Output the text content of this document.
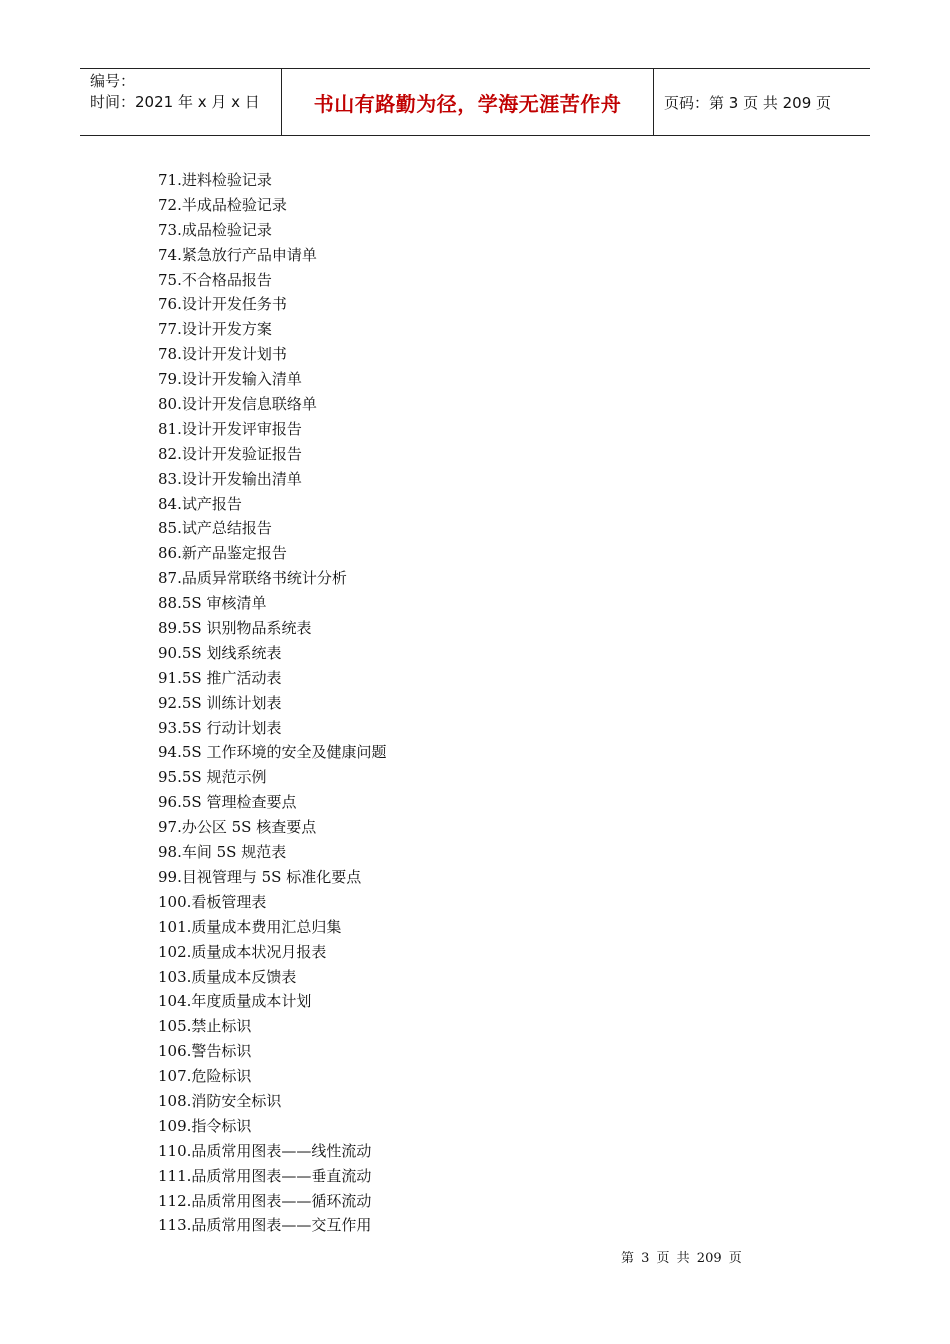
编号：
时间：2021 年 x 月 x 日	书山有路勤为径，学海无涯苦作舟	页码：第 3 页 共 209 页
71.进料检验记录
72.半成品检验记录
73.成品检验记录
74.紧急放行产品申请单
75.不合格品报告
76.设计开发任务书
77.设计开发方案
78.设计开发计划书
79.设计开发输入清单
80.设计开发信息联络单
81.设计开发评审报告
82.设计开发验证报告
83.设计开发输出清单
84.试产报告
85.试产总结报告
86.新产品鉴定报告
87.品质异常联络书统计分析
88.5S 审核清单
89.5S 识别物品系统表
90.5S 划线系统表
91.5S 推广活动表
92.5S 训练计划表
93.5S 行动计划表
94.5S 工作环境的安全及健康问题
95.5S 规范示例
96.5S 管理检查要点
97.办公区 5S 核查要点
98.车间 5S 规范表
99.目视管理与 5S 标准化要点
100.看板管理表
101.质量成本费用汇总归集
102.质量成本状况月报表
103.质量成本反馈表
104.年度质量成本计划
105.禁止标识
106.警告标识
107.危险标识
108.消防安全标识
109.指令标识
110.品质常用图表——线性流动
111.品质常用图表——垂直流动
112.品质常用图表——循环流动
113.品质常用图表——交互作用
第 3 页 共 209 页
